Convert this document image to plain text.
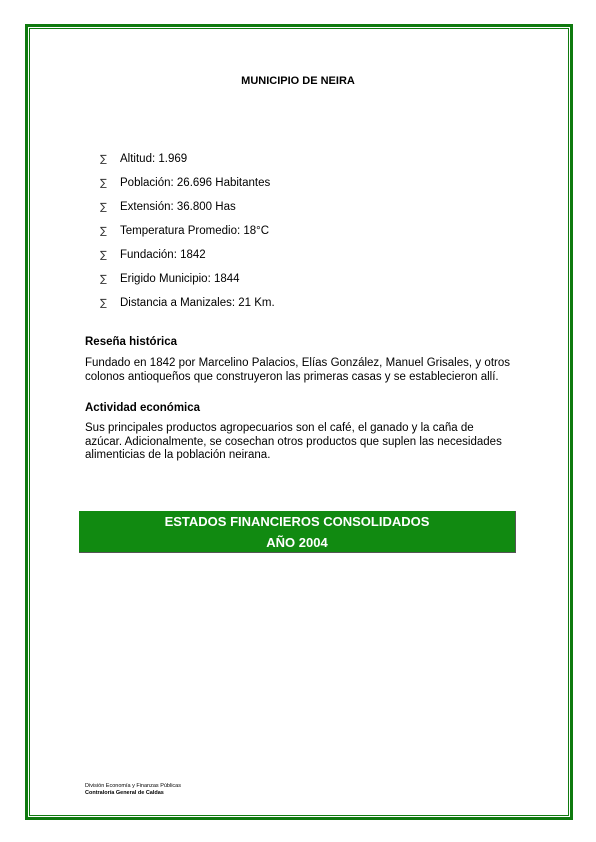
MUNICIPIO DE NEIRA
∑	Altitud: 1.969
∑	Población: 26.696 Habitantes
∑	Extensión: 36.800 Has
∑	Temperatura Promedio: 18°C
∑	Fundación: 1842
∑	Erigido Municipio: 1844
∑	Distancia a Manizales: 21 Km.
Reseña histórica
Fundado en 1842 por Marcelino Palacios, Elías González, Manuel Grisales, y otros colonos antioqueños que construyeron las primeras casas y se establecieron allí.
Actividad económica
Sus principales productos agropecuarios son el café, el ganado y la caña de azúcar. Adicionalmente, se cosechan otros productos que suplen las necesidades alimenticias de la población neirana.
ESTADOS FINANCIEROS CONSOLIDADOS
AÑO 2004
División Economía y Finanzas Públicas
Contraloría General de Caldas
